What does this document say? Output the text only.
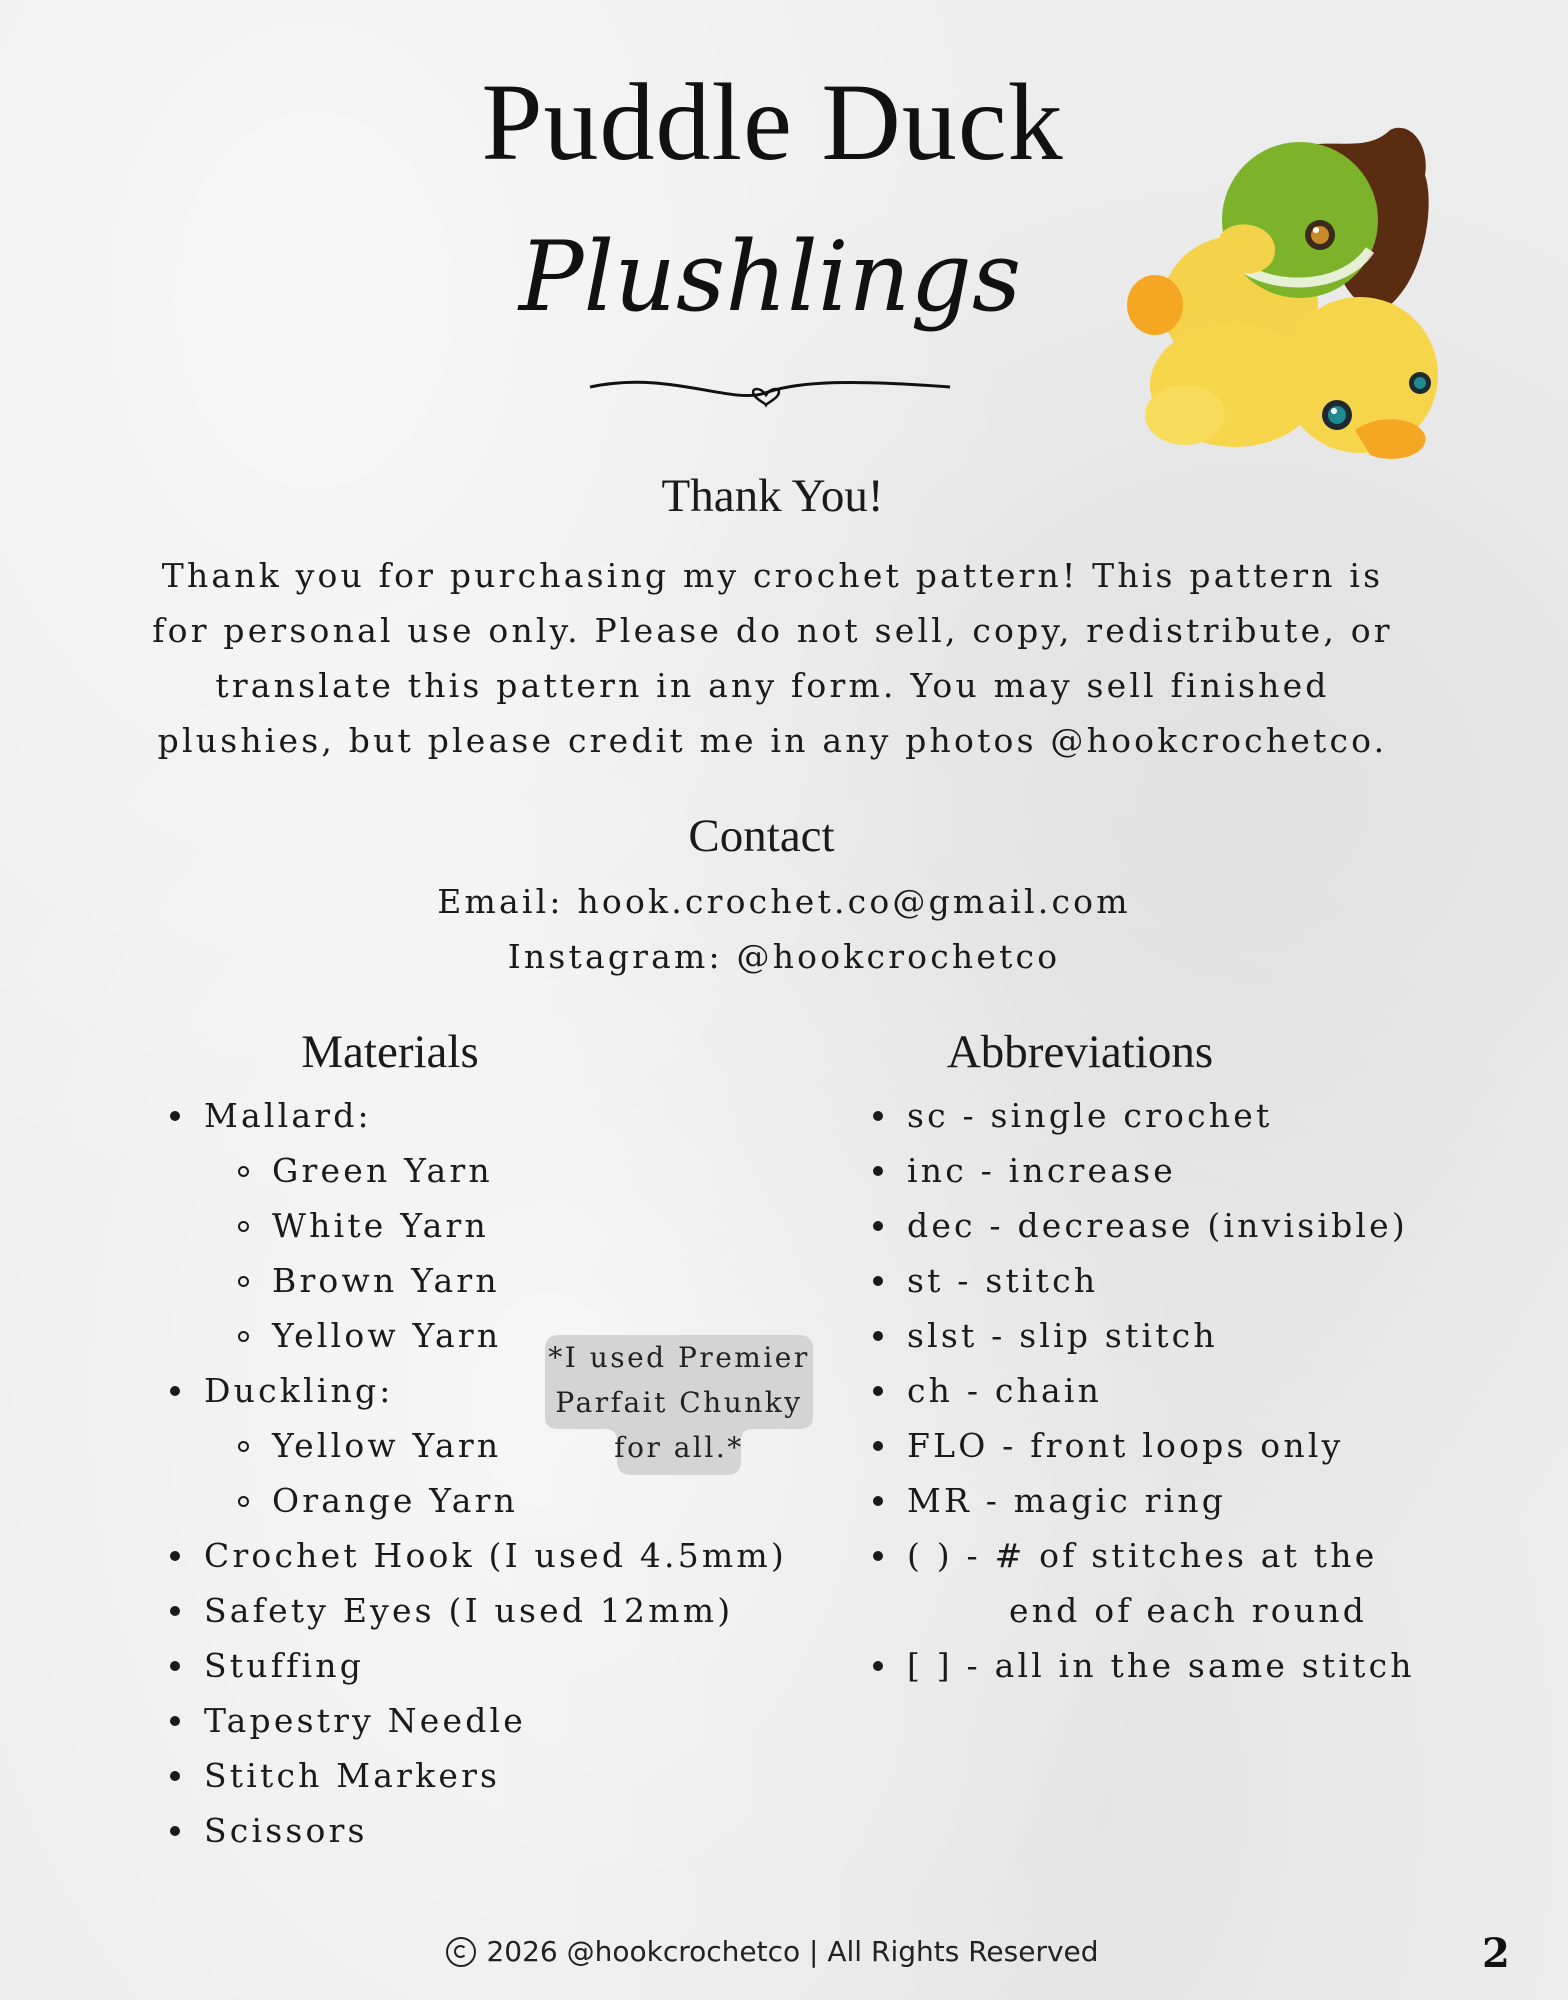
Puddle Duck
Plushlings
Thank You!
Thank you for purchasing my crochet pattern! This pattern is
for personal use only. Please do not sell, copy, redistribute, or
translate this pattern in any form. You may sell finished
plushies, but please credit me in any photos @hookcrochetco.
Contact
Email: hook.crochet.co@gmail.com
Instagram: @hookcrochetco
Materials
Mallard:
Green Yarn
White Yarn
Brown Yarn
Yellow Yarn
Duckling:
Yellow Yarn
Orange Yarn
Crochet Hook (I used 4.5mm)
Safety Eyes (I used 12mm)
Stuffing
Tapestry Needle
Stitch Markers
Scissors
*I used Premier
Parfait Chunky
for all.*
Abbreviations
sc - single crochet
inc - increase
dec - decrease (invisible)
st - stitch
slst - slip stitch
ch - chain
FLO - front loops only
MR - magic ring
( ) - # of stitches at the
end of each round
[ ] - all in the same stitch
2026 @hookcrochetco | All Rights Reserved	2
